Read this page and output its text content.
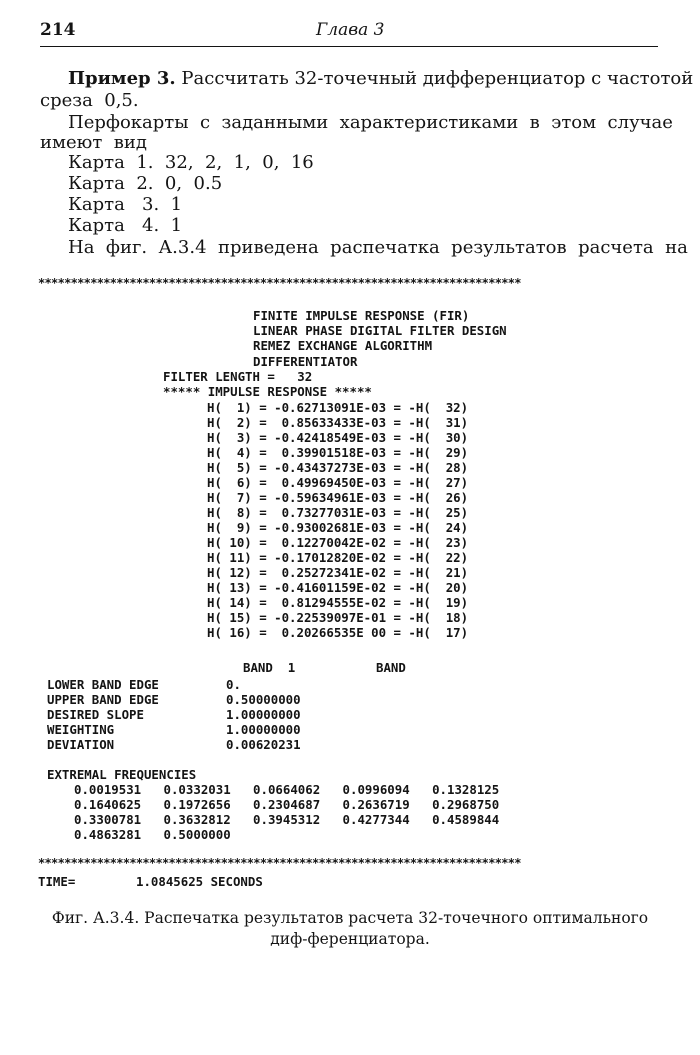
214	Глава 3
Пример 3. Рассчитать 32-точечный дифференциатор с частотой
среза  0,5.
Перфокарты  с  заданными  характеристиками  в  этом  случае
имеют  вид
Карта  1.  32,  2,  1,  0,  16
Карта  2.  0,  0.5
Карта   3.  1
Карта   4.  1
На  фиг.  А.3.4  приведена  распечатка  результатов  расчета  на
**************************************************************************
FINITE IMPULSE RESPONSE (FIR)
LINEAR PHASE DIGITAL FILTER DESIGN
REMEZ EXCHANGE ALGORITHM
DIFFERENTIATOR
FILTER LENGTH =   32
***** IMPULSE RESPONSE *****
H(  1) = -0.62713091E-03 = -H(  32)
H(  2) =  0.85633433E-03 = -H(  31)
H(  3) = -0.42418549E-03 = -H(  30)
H(  4) =  0.39901518E-03 = -H(  29)
H(  5) = -0.43437273E-03 = -H(  28)
H(  6) =  0.49969450E-03 = -H(  27)
H(  7) = -0.59634961E-03 = -H(  26)
H(  8) =  0.73277031E-03 = -H(  25)
H(  9) = -0.93002681E-03 = -H(  24)
H( 10) =  0.12270042E-02 = -H(  23)
H( 11) = -0.17012820E-02 = -H(  22)
H( 12) =  0.25272341E-02 = -H(  21)
H( 13) = -0.41601159E-02 = -H(  20)
H( 14) =  0.81294555E-02 = -H(  19)
H( 15) = -0.22539097E-01 = -H(  18)
H( 16) =  0.20266535E 00 = -H(  17)
BAND  1	BAND
LOWER BAND EDGE	0.
UPPER BAND EDGE	0.50000000
DESIRED SLOPE	1.00000000
WEIGHTING	1.00000000
DEVIATION	0.00620231
EXTREMAL FREQUENCIES
0.0019531   0.0332031   0.0664062   0.0996094   0.1328125
0.1640625   0.1972656   0.2304687   0.2636719   0.2968750
0.3300781   0.3632812   0.3945312   0.4277344   0.4589844
0.4863281   0.5000000
**************************************************************************
TIME=	1.0845625 SECONDS
Фиг. А.3.4. Распечатка результатов расчета 32-точечного оптимального диф-ференциатора.
